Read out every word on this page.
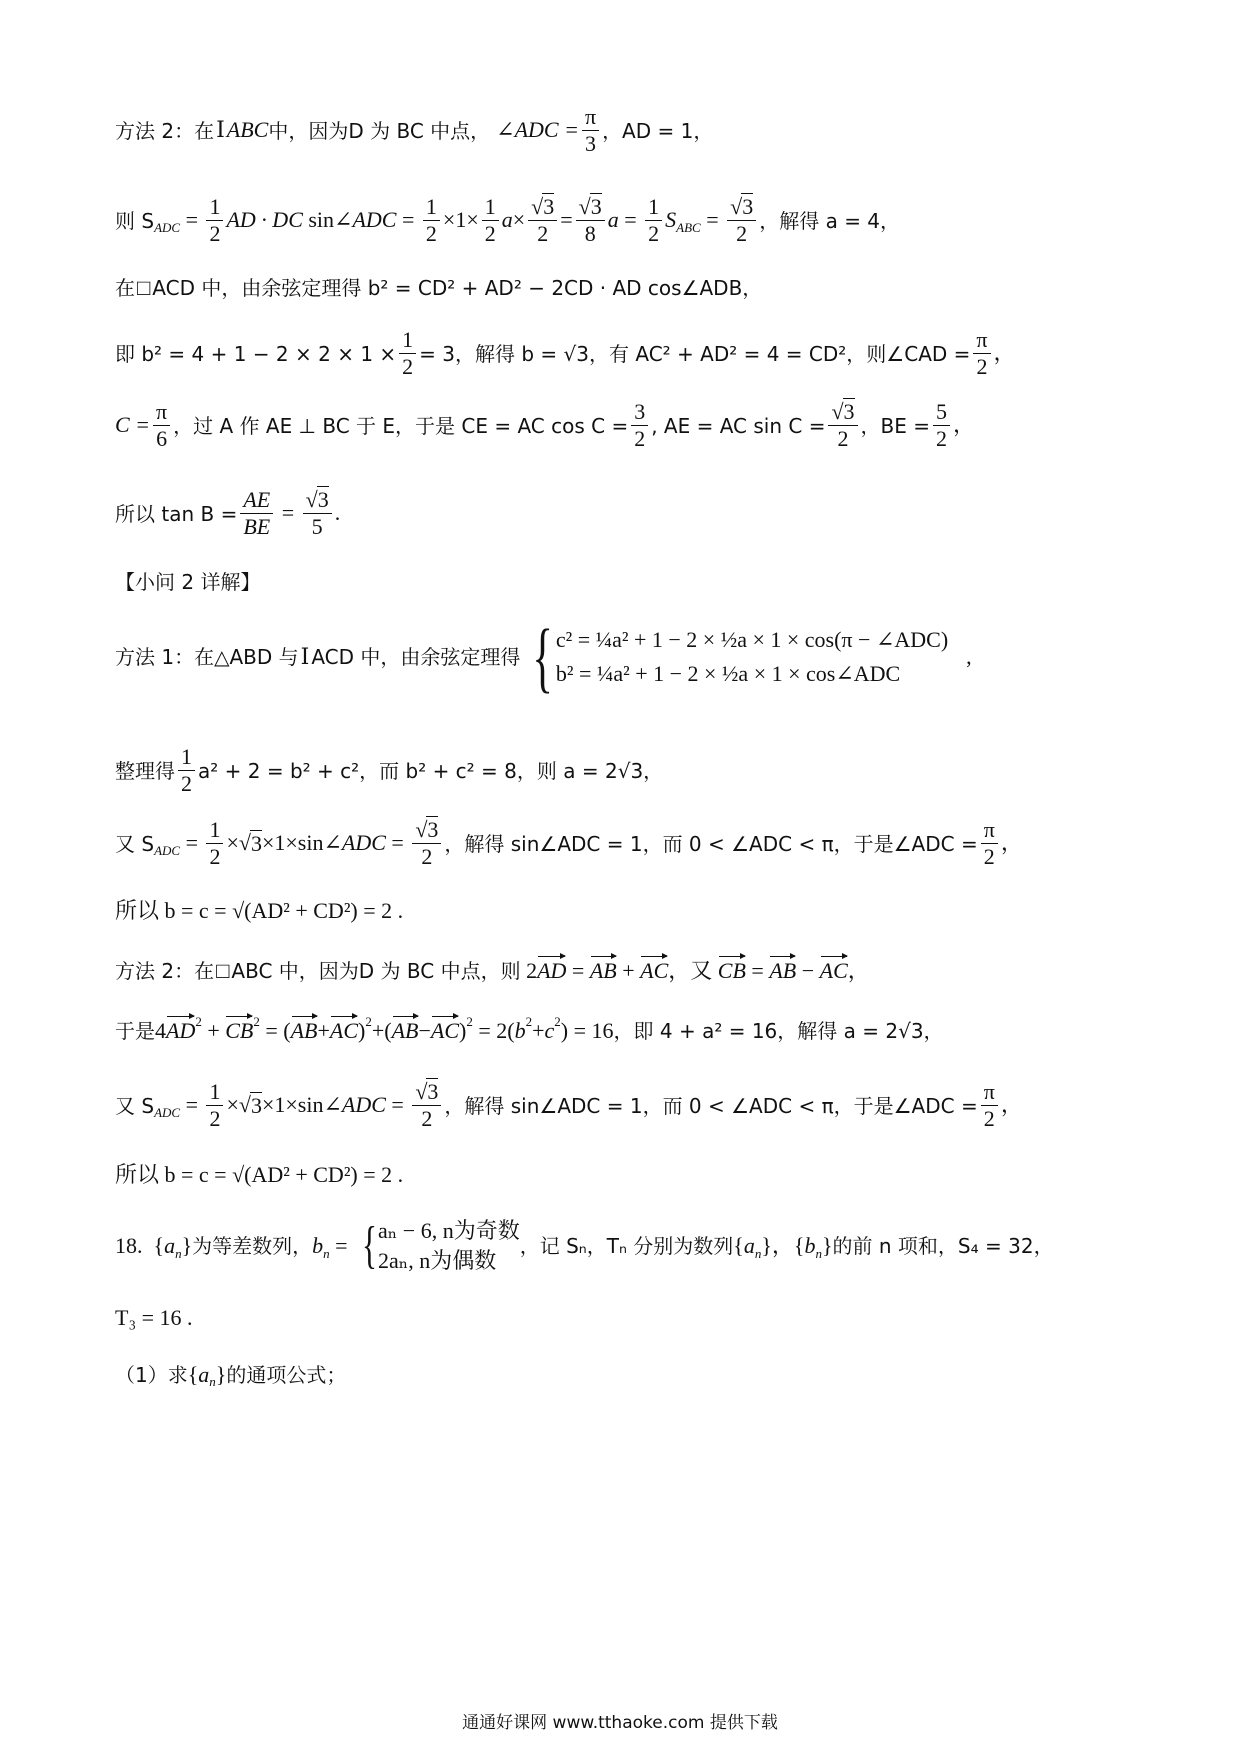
方法 2：在 Ⅰ ABC 中，因为D 为 BC 中点， ∠ADC = $\frac{\pi}{3}$ ，AD = 1，
则 S ADC = $\frac{1}{2}$ AD · DC sin∠ ADC = $\frac{1}{2} \times 1\times \frac{1}{2}$ $a \times \frac{√3}{2} = \frac{√3}{8}$ $a = \frac{1}{2}$ S ABC = $\frac{√3}{2}$ ，解得 a = 4，
在 □ ACD 中，由余弦定理得 b² = CD² + AD² − 2CD · AD cos∠ADB，
即 $b^2 = 4 + 1 - 2 \times 2 \times 1 \times \frac{1}{2} = 3$，解得 b = √3，有 AC² + AD² = 4 = CD²，则∠CAD = $\frac{\pi}{2}$ ，
$C = \frac{\pi}{6}$ ，过 A 作 AE ⊥ BC 于 E，于是 CE = AC $\cos C = \frac{3}{2}$ , AE = AC $\sin C = \frac{√3}{2}$ ，BE = $\frac{5}{2}$ ，
所以 $\tan B = \frac{AE}{BE} = \frac{√3}{5}$ .
【小问 2 详解】
方法 1：在△ABD 与 Ⅰ ACD 中，由余弦定理得 { c² = ¼a² + 1 − 2 × ½a × 1 × cos(π − ∠ADC)
b² = ¼a² + 1 − 2 × ½a × 1 × cos∠ADC
,
整理得 $\frac{1}{2} a^2 + 2 = b^2 + c^2$，而 b² + c² = 8，则 a = 2√3，
又 S ADC = $\frac{1}{2}$ ×√ 3 ×1×sin∠ ADC = $\frac{√3}{2}$ ，解得 sin∠ADC = 1，而 0 < ∠ADC < π，于是∠ADC = $\frac{\pi}{2}$ ，
所以 b = c = √(AD² + CD²) = 2 .
方法 2：在 □ ABC 中，因为D 为 BC 中点，则 2 AD = AB + AC ，又 CB = AB − AC ，
于是 4 AD 2 + CB 2 = ( AB + AC ) 2 +( AB − AC ) 2 = 2( b 2 + c 2 ) = 16 ，即 4 + a² = 16，解得 a = 2√3，
又 S ADC = $\frac{1}{2}$ ×√ 3 ×1×sin∠ ADC = $\frac{√3}{2}$ ，解得 sin∠ADC = 1，而 0 < ∠ADC < π，于是∠ADC = $\frac{\pi}{2}$ ，
所以 b = c = √(AD² + CD²) = 2 .
18. { a n } 为等差数列， b n = { aₙ − 6, n为奇数
2aₙ, n为偶数
，记 Sₙ，Tₙ 分别为数列 { a n }，{ b n } 的前 n 项和，S₄ = 32，
T₃ = 16 .
（1）求 { a n } 的通项公式；
通通好课网 www.tthaoke.com 提供下载
